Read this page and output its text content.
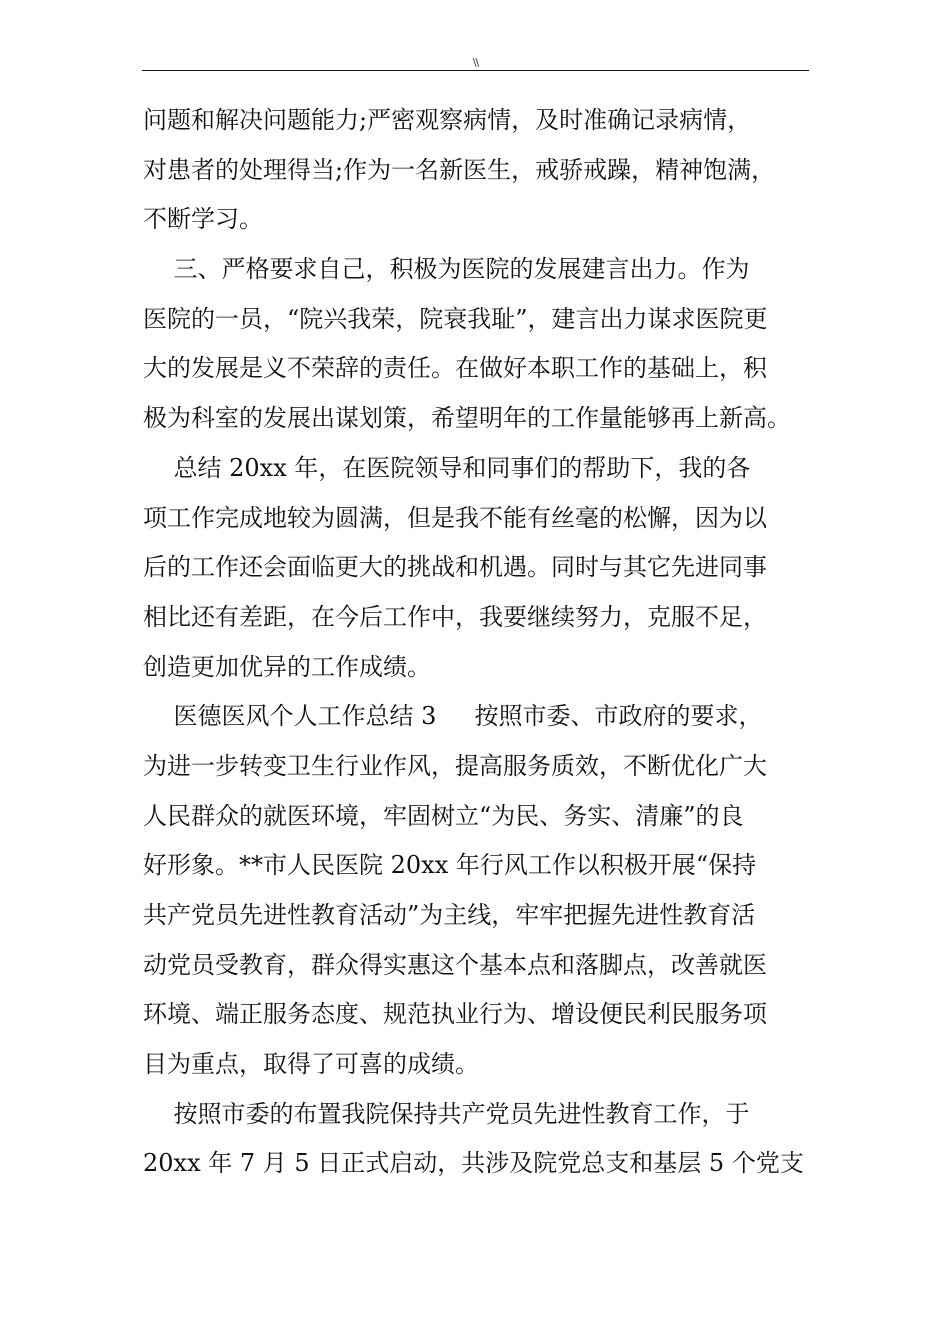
\\
问题和解决问题能力;严密观察病情，及时准确记录病情，
对患者的处理得当;作为一名新医生，戒骄戒躁，精神饱满，
不断学习。
三、严格要求自己，积极为医院的发展建言出力。作为
医院的一员，“院兴我荣，院衰我耻”，建言出力谋求医院更
大的发展是义不荣辞的责任。在做好本职工作的基础上，积
极为科室的发展出谋划策，希望明年的工作量能够再上新高。
总结 20xx 年，在医院领导和同事们的帮助下，我的各
项工作完成地较为圆满，但是我不能有丝毫的松懈，因为以
后的工作还会面临更大的挑战和机遇。同时与其它先进同事
相比还有差距，在今后工作中，我要继续努力，克服不足，
创造更加优异的工作成绩。
医德医风个人工作总结 3     按照市委、市政府的要求，
为进一步转变卫生行业作风，提高服务质效，不断优化广大
人民群众的就医环境，牢固树立“为民、务实、清廉”的良
好形象。**市人民医院 20xx 年行风工作以积极开展“保持
共产党员先进性教育活动”为主线，牢牢把握先进性教育活
动党员受教育，群众得实惠这个基本点和落脚点，改善就医
环境、端正服务态度、规范执业行为、增设便民利民服务项
目为重点，取得了可喜的成绩。
按照市委的布置我院保持共产党员先进性教育工作，于
20xx 年 7 月 5 日正式启动，共涉及院党总支和基层 5 个党支
